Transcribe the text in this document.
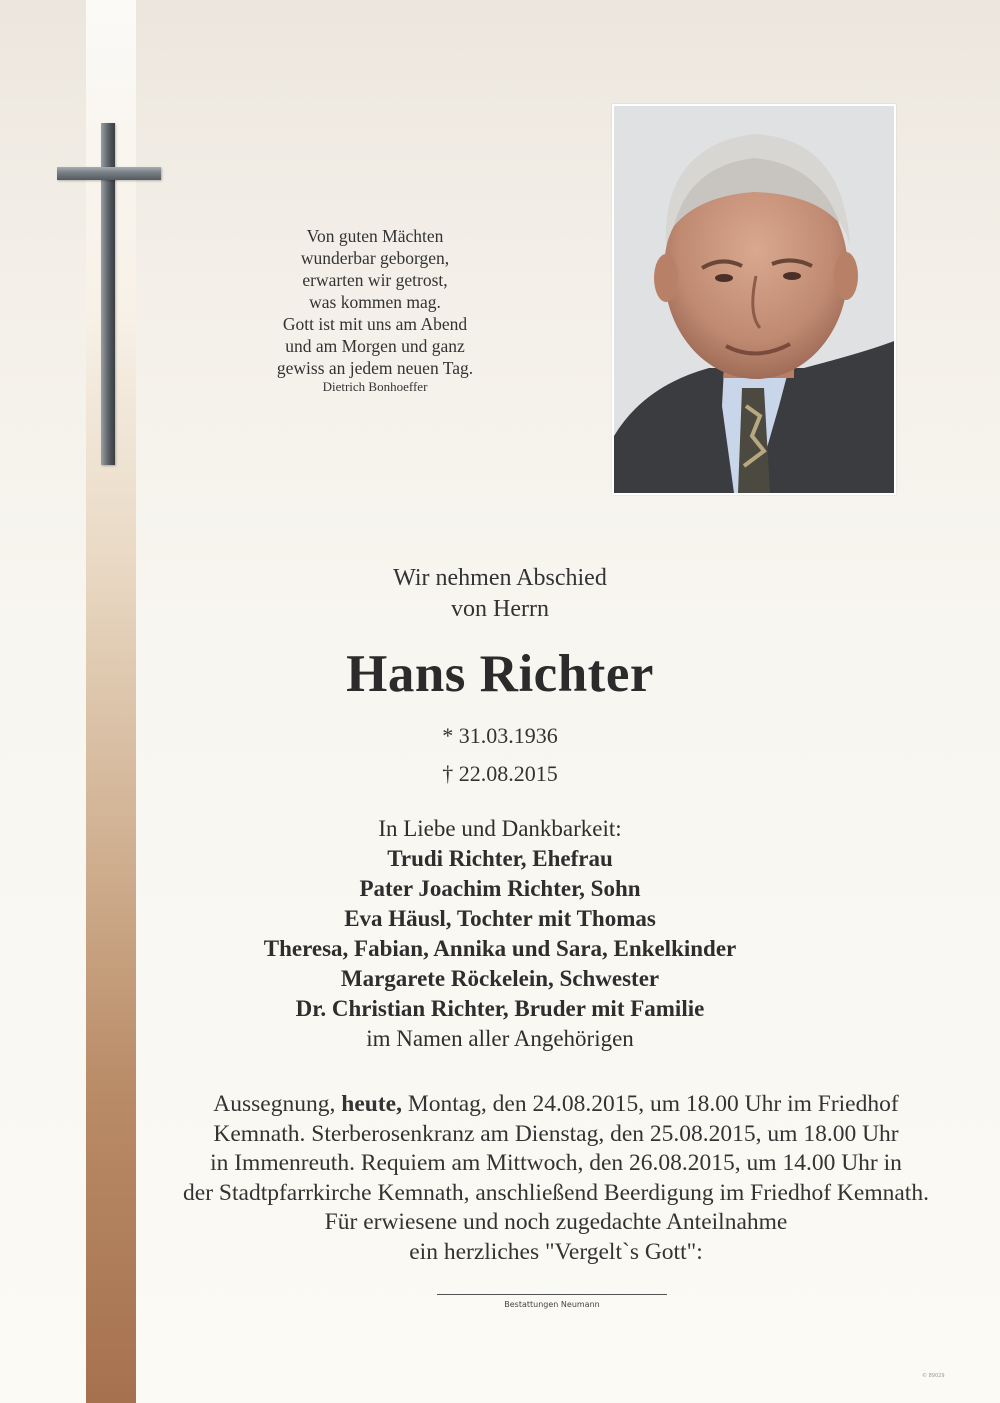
Von guten Mächten
wunderbar geborgen,
erwarten wir getrost,
was kommen mag.
Gott ist mit uns am Abend
und am Morgen und ganz
gewiss an jedem neuen Tag.
Dietrich Bonhoeffer
Wir nehmen Abschied
von Herrn
Hans Richter
* 31.03.1936
† 22.08.2015
In Liebe und Dankbarkeit:
Trudi Richter, Ehefrau
Pater Joachim Richter, Sohn
Eva Häusl, Tochter mit Thomas
Theresa, Fabian, Annika und Sara, Enkelkinder
Margarete Röckelein, Schwester
Dr. Christian Richter, Bruder mit Familie
im Namen aller Angehörigen
Aussegnung, heute, Montag, den 24.08.2015, um 18.00 Uhr im Friedhof
Kemnath. Sterberosenkranz am Dienstag, den 25.08.2015, um 18.00 Uhr
in Immenreuth. Requiem am Mittwoch, den 26.08.2015, um 14.00 Uhr in
der Stadtpfarrkirche Kemnath, anschließend Beerdigung im Friedhof Kemnath.
Für erwiesene und noch zugedachte Anteilnahme
ein herzliches "Vergelt`s Gott":
Bestattungen Neumann
© 89029
